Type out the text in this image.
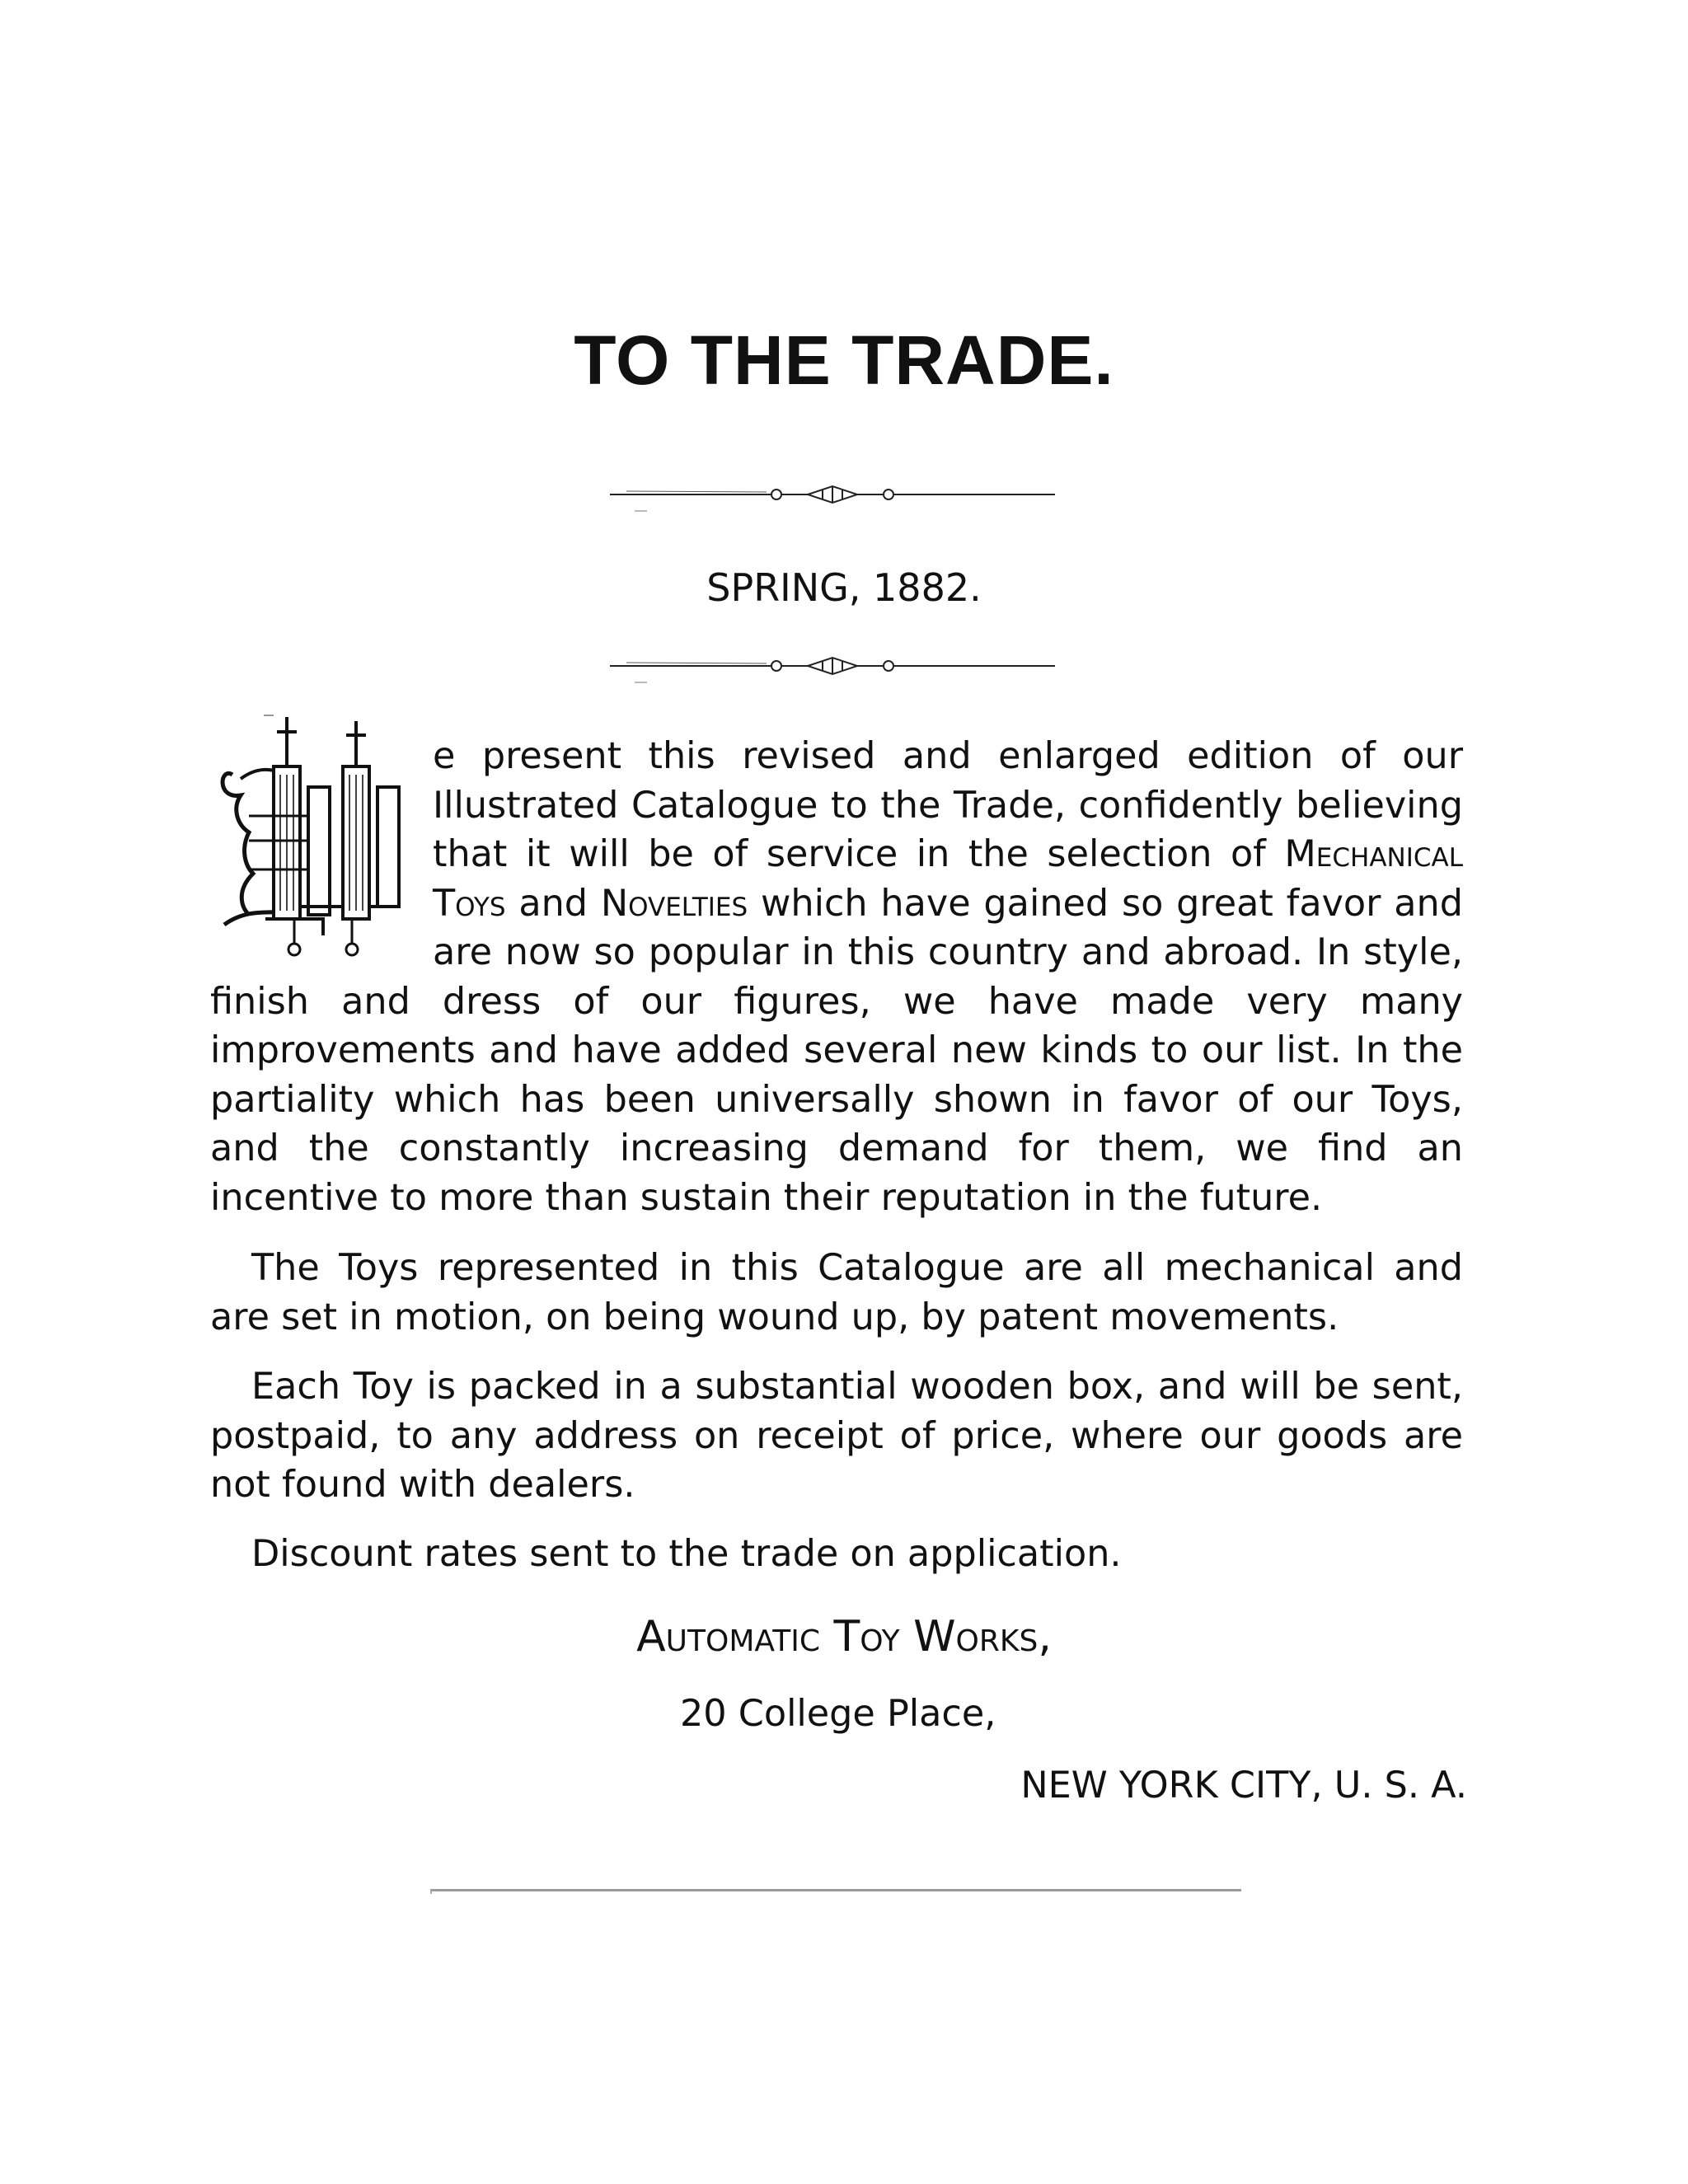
TO THE TRADE.
SPRING, 1882.
e present this revised and enlarged edition of our Illustrated Catalogue to the Trade, confidently believing that it will be of service in the selection of Mechanical Toys and Novelties which have gained so great favor and are now so popular in this country and abroad. In style, finish and dress of our figures, we have made very many improvements and have added several new kinds to our list. In the partiality which has been universally shown in favor of our Toys, and the constantly increasing demand for them, we find an incentive to more than sustain their reputation in the future.
The Toys represented in this Catalogue are all mechanical and are set in motion, on being wound up, by patent movements.
Each Toy is packed in a substantial wooden box, and will be sent, postpaid, to any address on receipt of price, where our goods are not found with dealers.
Discount rates sent to the trade on application.
Automatic Toy Works,
20 College Place,
NEW YORK CITY, U. S. A.
